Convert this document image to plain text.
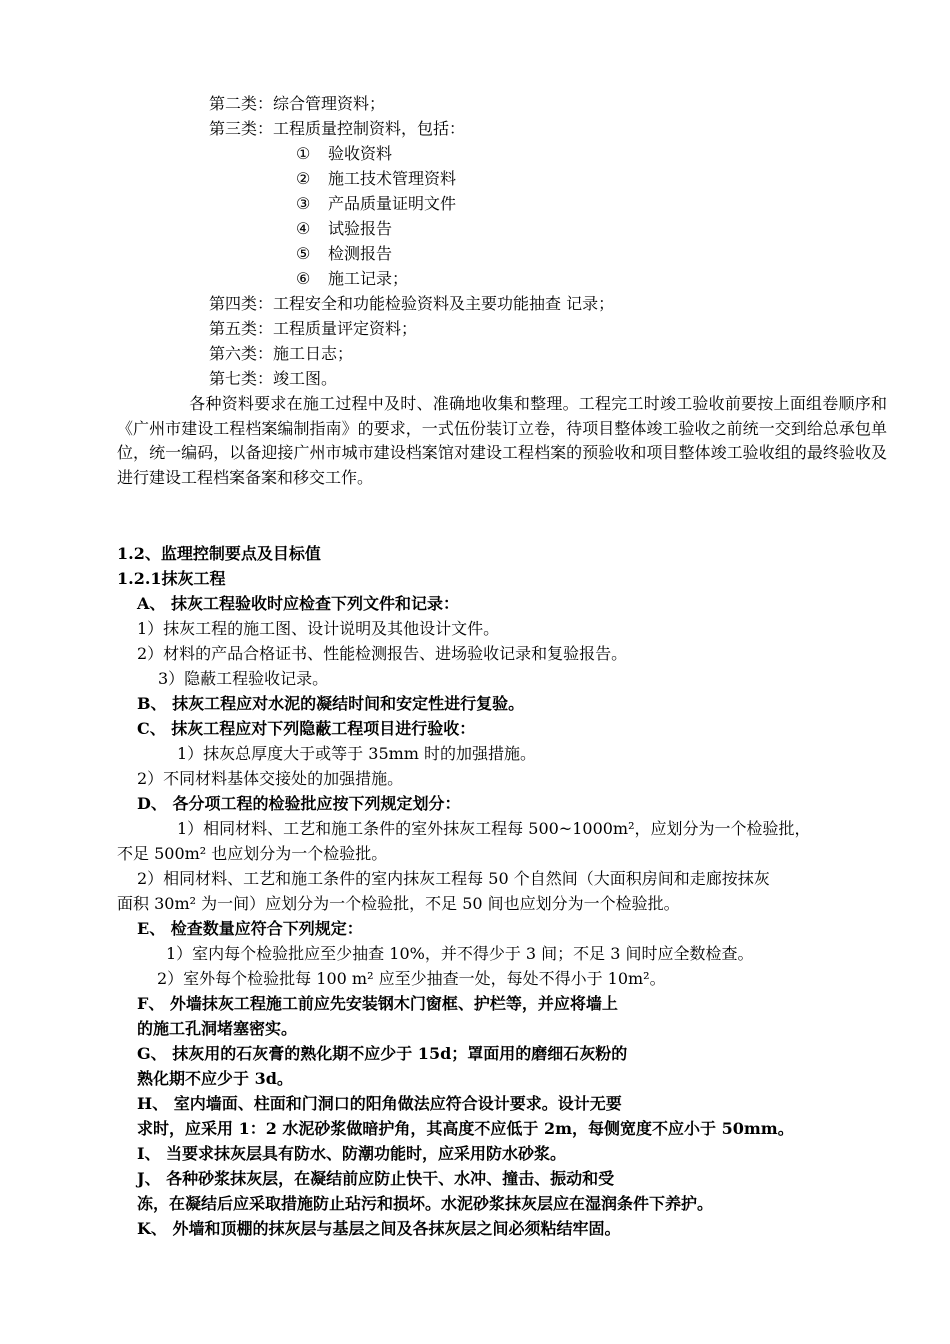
第二类：综合管理资料；
第三类：工程质量控制资料，包括：
① 验收资料
② 施工技术管理资料
③ 产品质量证明文件
④ 试验报告
⑤ 检测报告
⑥ 施工记录；
第四类：工程安全和功能检验资料及主要功能抽查 记录；
第五类：工程质量评定资料；
第六类：施工日志；
第七类：竣工图。
各种资料要求在施工过程中及时、准确地收集和整理。工程完工时竣工验收前要按上面组卷顺序和《广州市建设工程档案编制指南》的要求，一式伍份装订立卷，待项目整体竣工验收之前统一交到给总承包单位，统一编码，以备迎接广州市城市建设档案馆对建设工程档案的预验收和项目整体竣工验收组的最终验收及进行建设工程档案备案和移交工作。
1.2、监理控制要点及目标值
1.2.1抹灰工程
A、 抹灰工程验收时应检查下列文件和记录：
1）抹灰工程的施工图、设计说明及其他设计文件。
2）材料的产品合格证书、性能检测报告、进场验收记录和复验报告。
3）隐蔽工程验收记录。
B、 抹灰工程应对水泥的凝结时间和安定性进行复验。
C、 抹灰工程应对下列隐蔽工程项目进行验收：
1）抹灰总厚度大于或等于 35mm 时的加强措施。
2）不同材料基体交接处的加强措施。
D、 各分项工程的检验批应按下列规定划分：
1）相同材料、工艺和施工条件的室外抹灰工程每 500~1000m²，应划分为一个检验批，
不足 500m² 也应划分为一个检验批。
2）相同材料、工艺和施工条件的室内抹灰工程每 50 个自然间（大面积房间和走廊按抹灰
面积 30m² 为一间）应划分为一个检验批，不足 50 间也应划分为一个检验批。
E、 检查数量应符合下列规定：
1）室内每个检验批应至少抽查 10%，并不得少于 3 间；不足 3 间时应全数检查。
2）室外每个检验批每 100 m² 应至少抽查一处，每处不得小于 10m²。
F、 外墙抹灰工程施工前应先安装钢木门窗框、护栏等，并应将墙上
的施工孔洞堵塞密实。
G、 抹灰用的石灰膏的熟化期不应少于 15d；罩面用的磨细石灰粉的
熟化期不应少于 3d。
H、 室内墙面、柱面和门洞口的阳角做法应符合设计要求。设计无要
求时，应采用 1：2 水泥砂浆做暗护角，其高度不应低于 2m，每侧宽度不应小于 50mm。
I、 当要求抹灰层具有防水、防潮功能时，应采用防水砂浆。
J、 各种砂浆抹灰层，在凝结前应防止快干、水冲、撞击、振动和受
冻，在凝结后应采取措施防止玷污和损坏。水泥砂浆抹灰层应在湿润条件下养护。
K、 外墙和顶棚的抹灰层与基层之间及各抹灰层之间必须粘结牢固。
